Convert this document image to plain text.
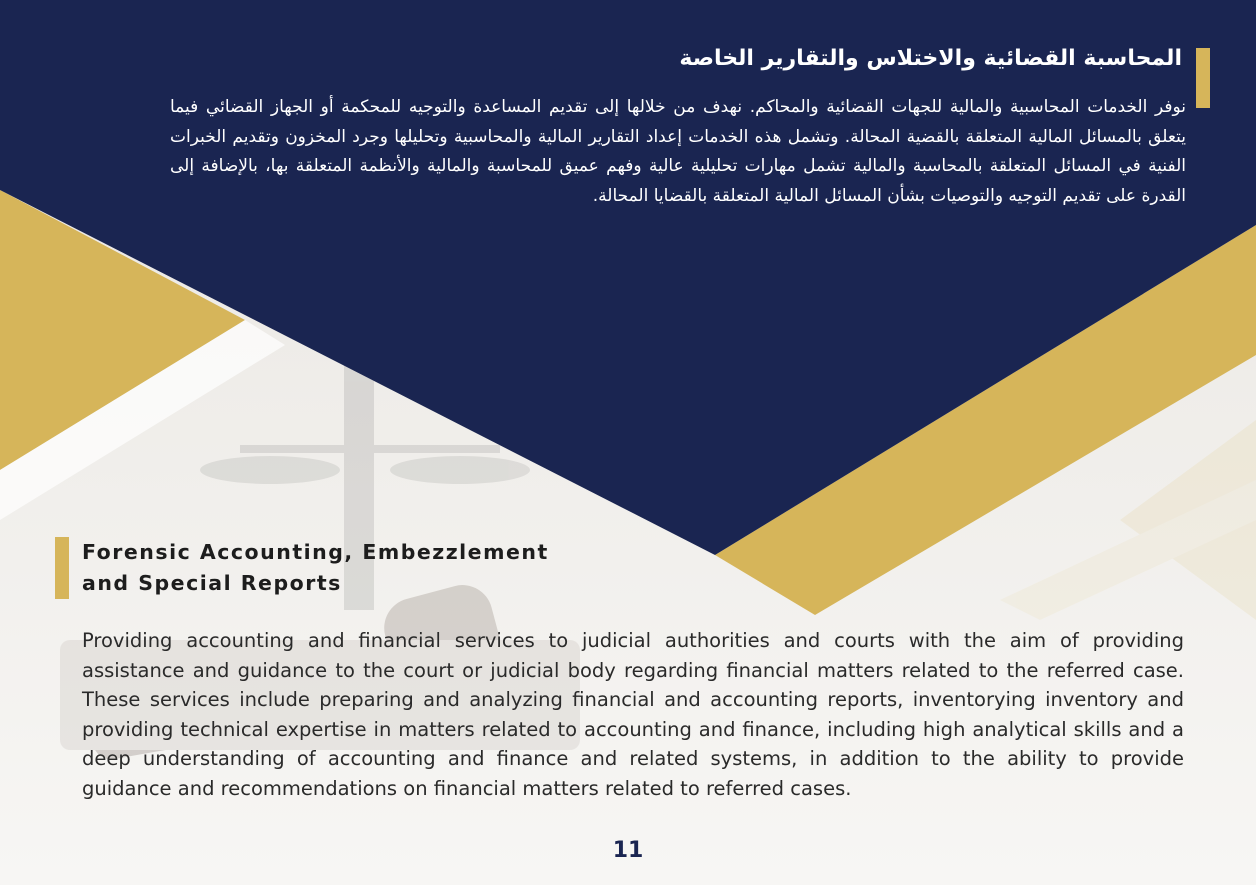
المحاسبة القضائية والاختلاس والتقارير الخاصة
نوفر الخدمات المحاسبية والمالية للجهات القضائية والمحاكم. نهدف من خلالها إلى تقديم المساعدة والتوجيه للمحكمة أو الجهاز القضائي فيما يتعلق بالمسائل المالية المتعلقة بالقضية المحالة. وتشمل هذه الخدمات إعداد التقارير المالية والمحاسبية وتحليلها وجرد المخزون وتقديم الخبرات الفنية في المسائل المتعلقة بالمحاسبة والمالية تشمل مهارات تحليلية عالية وفهم عميق للمحاسبة والمالية والأنظمة المتعلقة بها، بالإضافة إلى القدرة على تقديم التوجيه والتوصيات بشأن المسائل المالية المتعلقة بالقضايا المحالة.
Forensic Accounting, Embezzlement
and Special Reports
Providing accounting and financial services to judicial authorities and courts with the aim of providing assistance and guidance to the court or judicial body regarding financial matters related to the referred case. These services include preparing and analyzing financial and accounting reports, inventorying inventory and providing technical expertise in matters related to accounting and finance, including high analytical skills and a deep understanding of accounting and finance and related systems, in addition to the ability to provide guidance and recommendations on financial matters related to referred cases.
11
